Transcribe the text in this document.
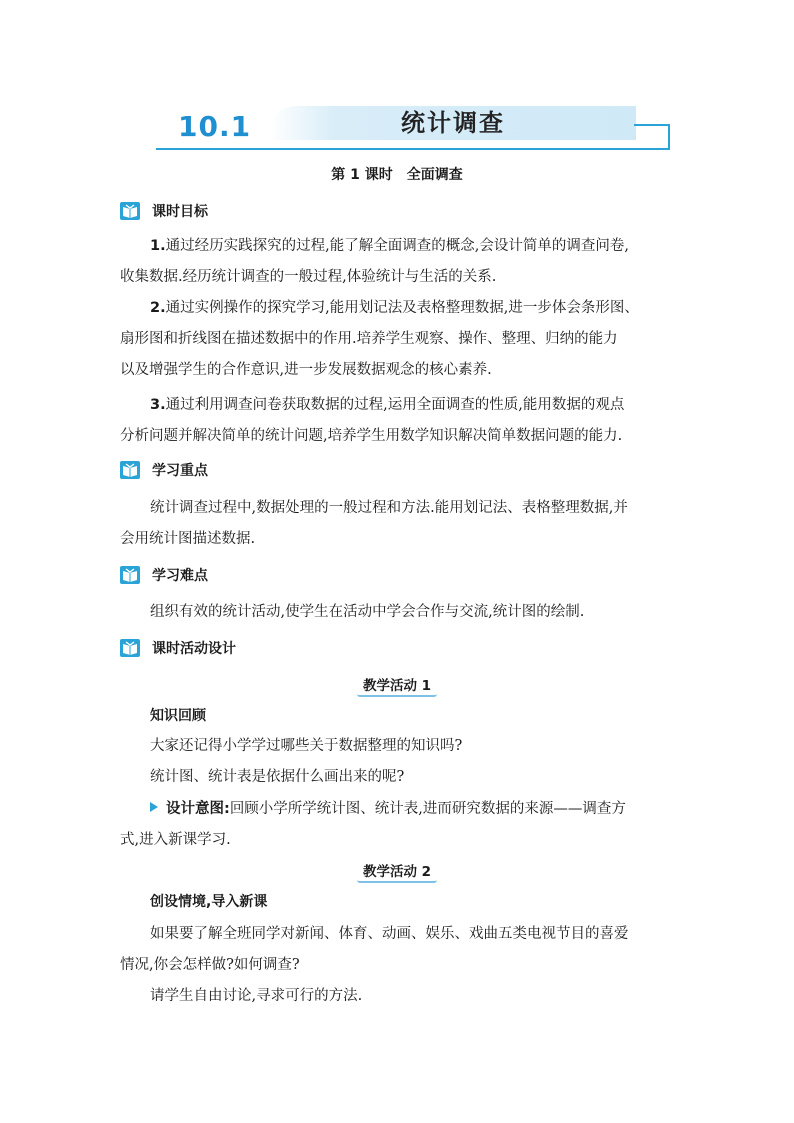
10.1	统计调查
第 1 课时　全面调查
课时目标
1.通过经历实践探究的过程,能了解全面调查的概念,会设计简单的调查问卷,
收集数据.经历统计调查的一般过程,体验统计与生活的关系.
2.通过实例操作的探究学习,能用划记法及表格整理数据,进一步体会条形图、
扇形图和折线图在描述数据中的作用.培养学生观察、操作、整理、归纳的能力
以及增强学生的合作意识,进一步发展数据观念的核心素养.
3.通过利用调查问卷获取数据的过程,运用全面调查的性质,能用数据的观点
分析问题并解决简单的统计问题,培养学生用数学知识解决简单数据问题的能力.
学习重点
统计调查过程中,数据处理的一般过程和方法.能用划记法、表格整理数据,并
会用统计图描述数据.
学习难点
组织有效的统计活动,使学生在活动中学会合作与交流,统计图的绘制.
课时活动设计
教学活动 1
知识回顾
大家还记得小学学过哪些关于数据整理的知识吗?
统计图、统计表是依据什么画出来的呢?
设计意图:回顾小学所学统计图、统计表,进而研究数据的来源——调查方
式,进入新课学习.
教学活动 2
创设情境,导入新课
如果要了解全班同学对新闻、体育、动画、娱乐、戏曲五类电视节目的喜爱
情况,你会怎样做?如何调查?
请学生自由讨论,寻求可行的方法.
